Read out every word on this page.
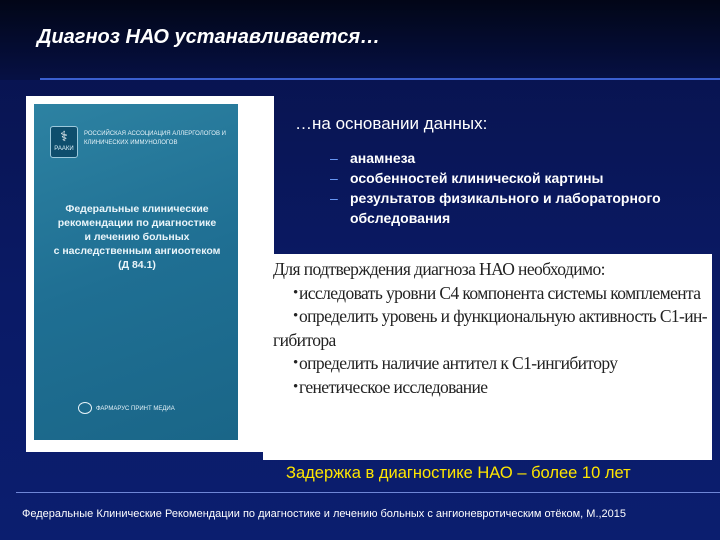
Диагноз НАО устанавливается…
⚕
РААКИ
РОССИЙСКАЯ АССОЦИАЦИЯ АЛЛЕРГОЛОГОВ И КЛИНИЧЕСКИХ ИММУНОЛОГОВ
Федеральные клинические
рекомендации по диагностике
и лечению больных
с наследственным ангиоотеком
(Д 84.1)
ФАРМАРУС ПРИНТ МЕДИА
…на основании данных:
– анамнеза
– особенностей клинической картины
– результатов физикального и лабораторного обследования
Для подтверждения диагноза НАО необходимо:
• исследовать уровни С4 компонента системы комплемента
• определить уровень и функциональную активность С1-ин-
гибитора
• определить наличие антител к С1-ингибитору
• генетическое исследование

Задержка в диагностике НАО – более 10 лет

Федеральные Клинические Рекомендации по диагностике и лечению больных с ангионевротическим отёком, М.,2015
